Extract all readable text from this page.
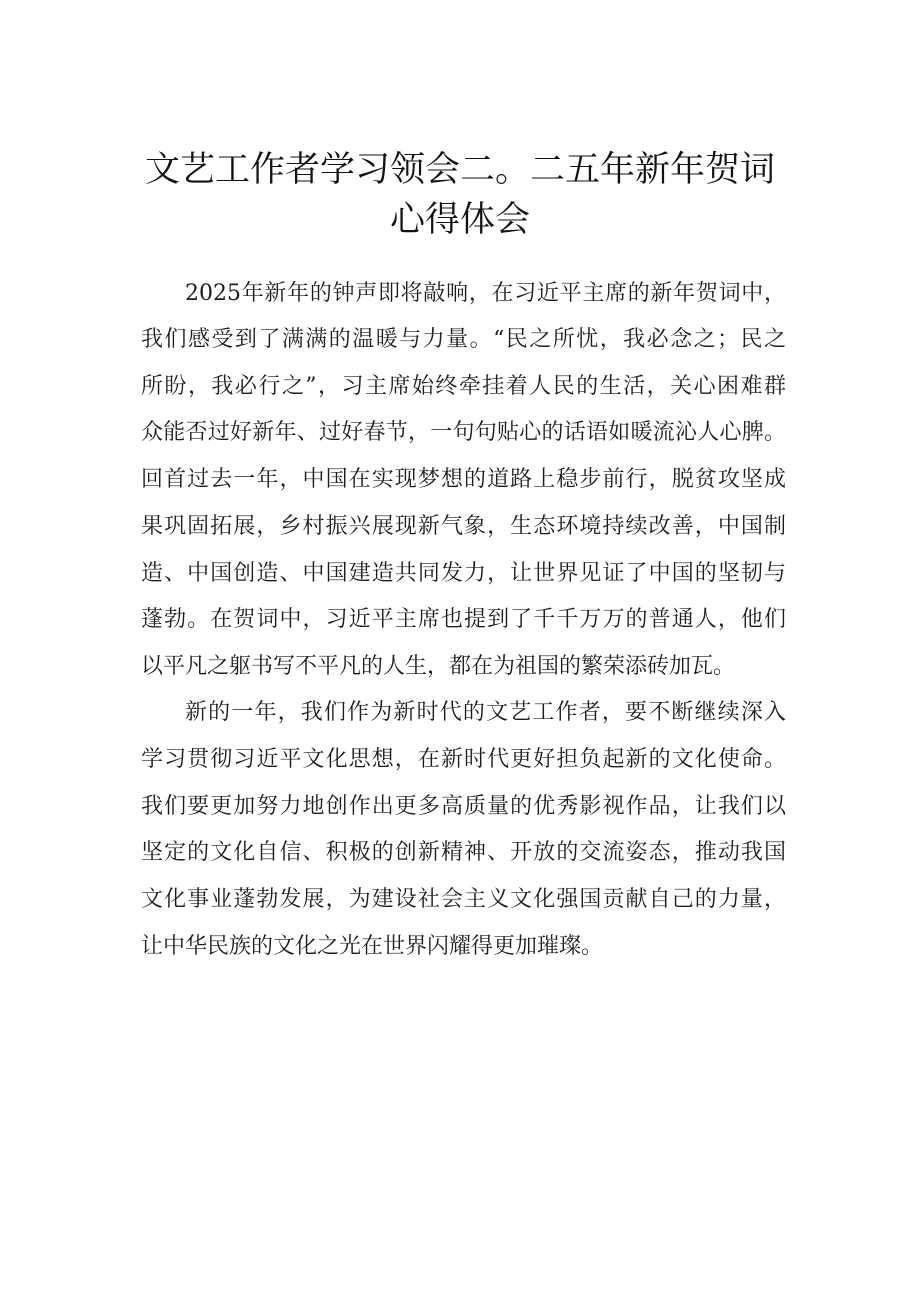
文艺工作者学习领会二。二五年新年贺词
心得体会
2025年新年的钟声即将敲响，在习近平主席的新年贺词中，
我们感受到了满满的温暖与力量。“民之所忧，我必念之；民之
所盼，我必行之”，习主席始终牵挂着人民的生活，关心困难群
众能否过好新年、过好春节，一句句贴心的话语如暖流沁人心脾。
回首过去一年，中国在实现梦想的道路上稳步前行，脱贫攻坚成
果巩固拓展，乡村振兴展现新气象，生态环境持续改善，中国制
造、中国创造、中国建造共同发力，让世界见证了中国的坚韧与
蓬勃。在贺词中，习近平主席也提到了千千万万的普通人，他们
以平凡之躯书写不平凡的人生，都在为祖国的繁荣添砖加瓦。
新的一年，我们作为新时代的文艺工作者，要不断继续深入
学习贯彻习近平文化思想，在新时代更好担负起新的文化使命。
我们要更加努力地创作出更多高质量的优秀影视作品，让我们以
坚定的文化自信、积极的创新精神、开放的交流姿态，推动我国
文化事业蓬勃发展，为建设社会主义文化强国贡献自己的力量，
让中华民族的文化之光在世界闪耀得更加璀璨。
